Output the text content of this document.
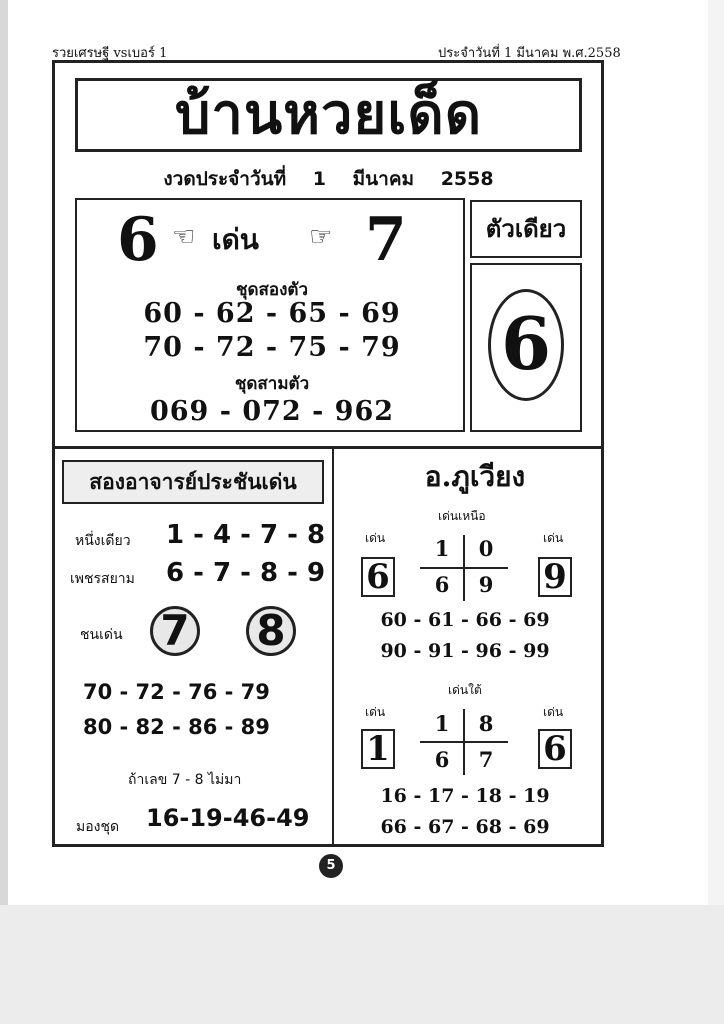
รวยเศรษฐี vsเบอร์ 1	ประจำวันที่ 1 มีนาคม พ.ศ.2558
บ้านหวยเด็ด
งวดประจำวันที่ 1 มีนาคม 2558
6 ☜ เด่น ☞ 7
ชุดสองตัว
60 - 62 - 65 - 69
70 - 72 - 75 - 79
ชุดสามตัว
069 - 072 - 962
ตัวเดียว
6
สองอาจารย์ประชันเด่น
หนึ่งเดียว 1 - 4 - 7 - 8
เพชรสยาม 6 - 7 - 8 - 9
ชนเด่น 7 8
70 - 72 - 76 - 79
80 - 82 - 86 - 89
ถ้าเลข 7 - 8 ไม่มา
มองชุด 16-19-46-49
อ.ภูเวียง
เด่นเหนือ
เด่น	เด่น
6	9
1 0
6 9
60 - 61 - 66 - 69
90 - 91 - 96 - 99
เด่นใต้
เด่น	เด่น
1	6
1 8
6 7
16 - 17 - 18 - 19
66 - 67 - 68 - 69
5
